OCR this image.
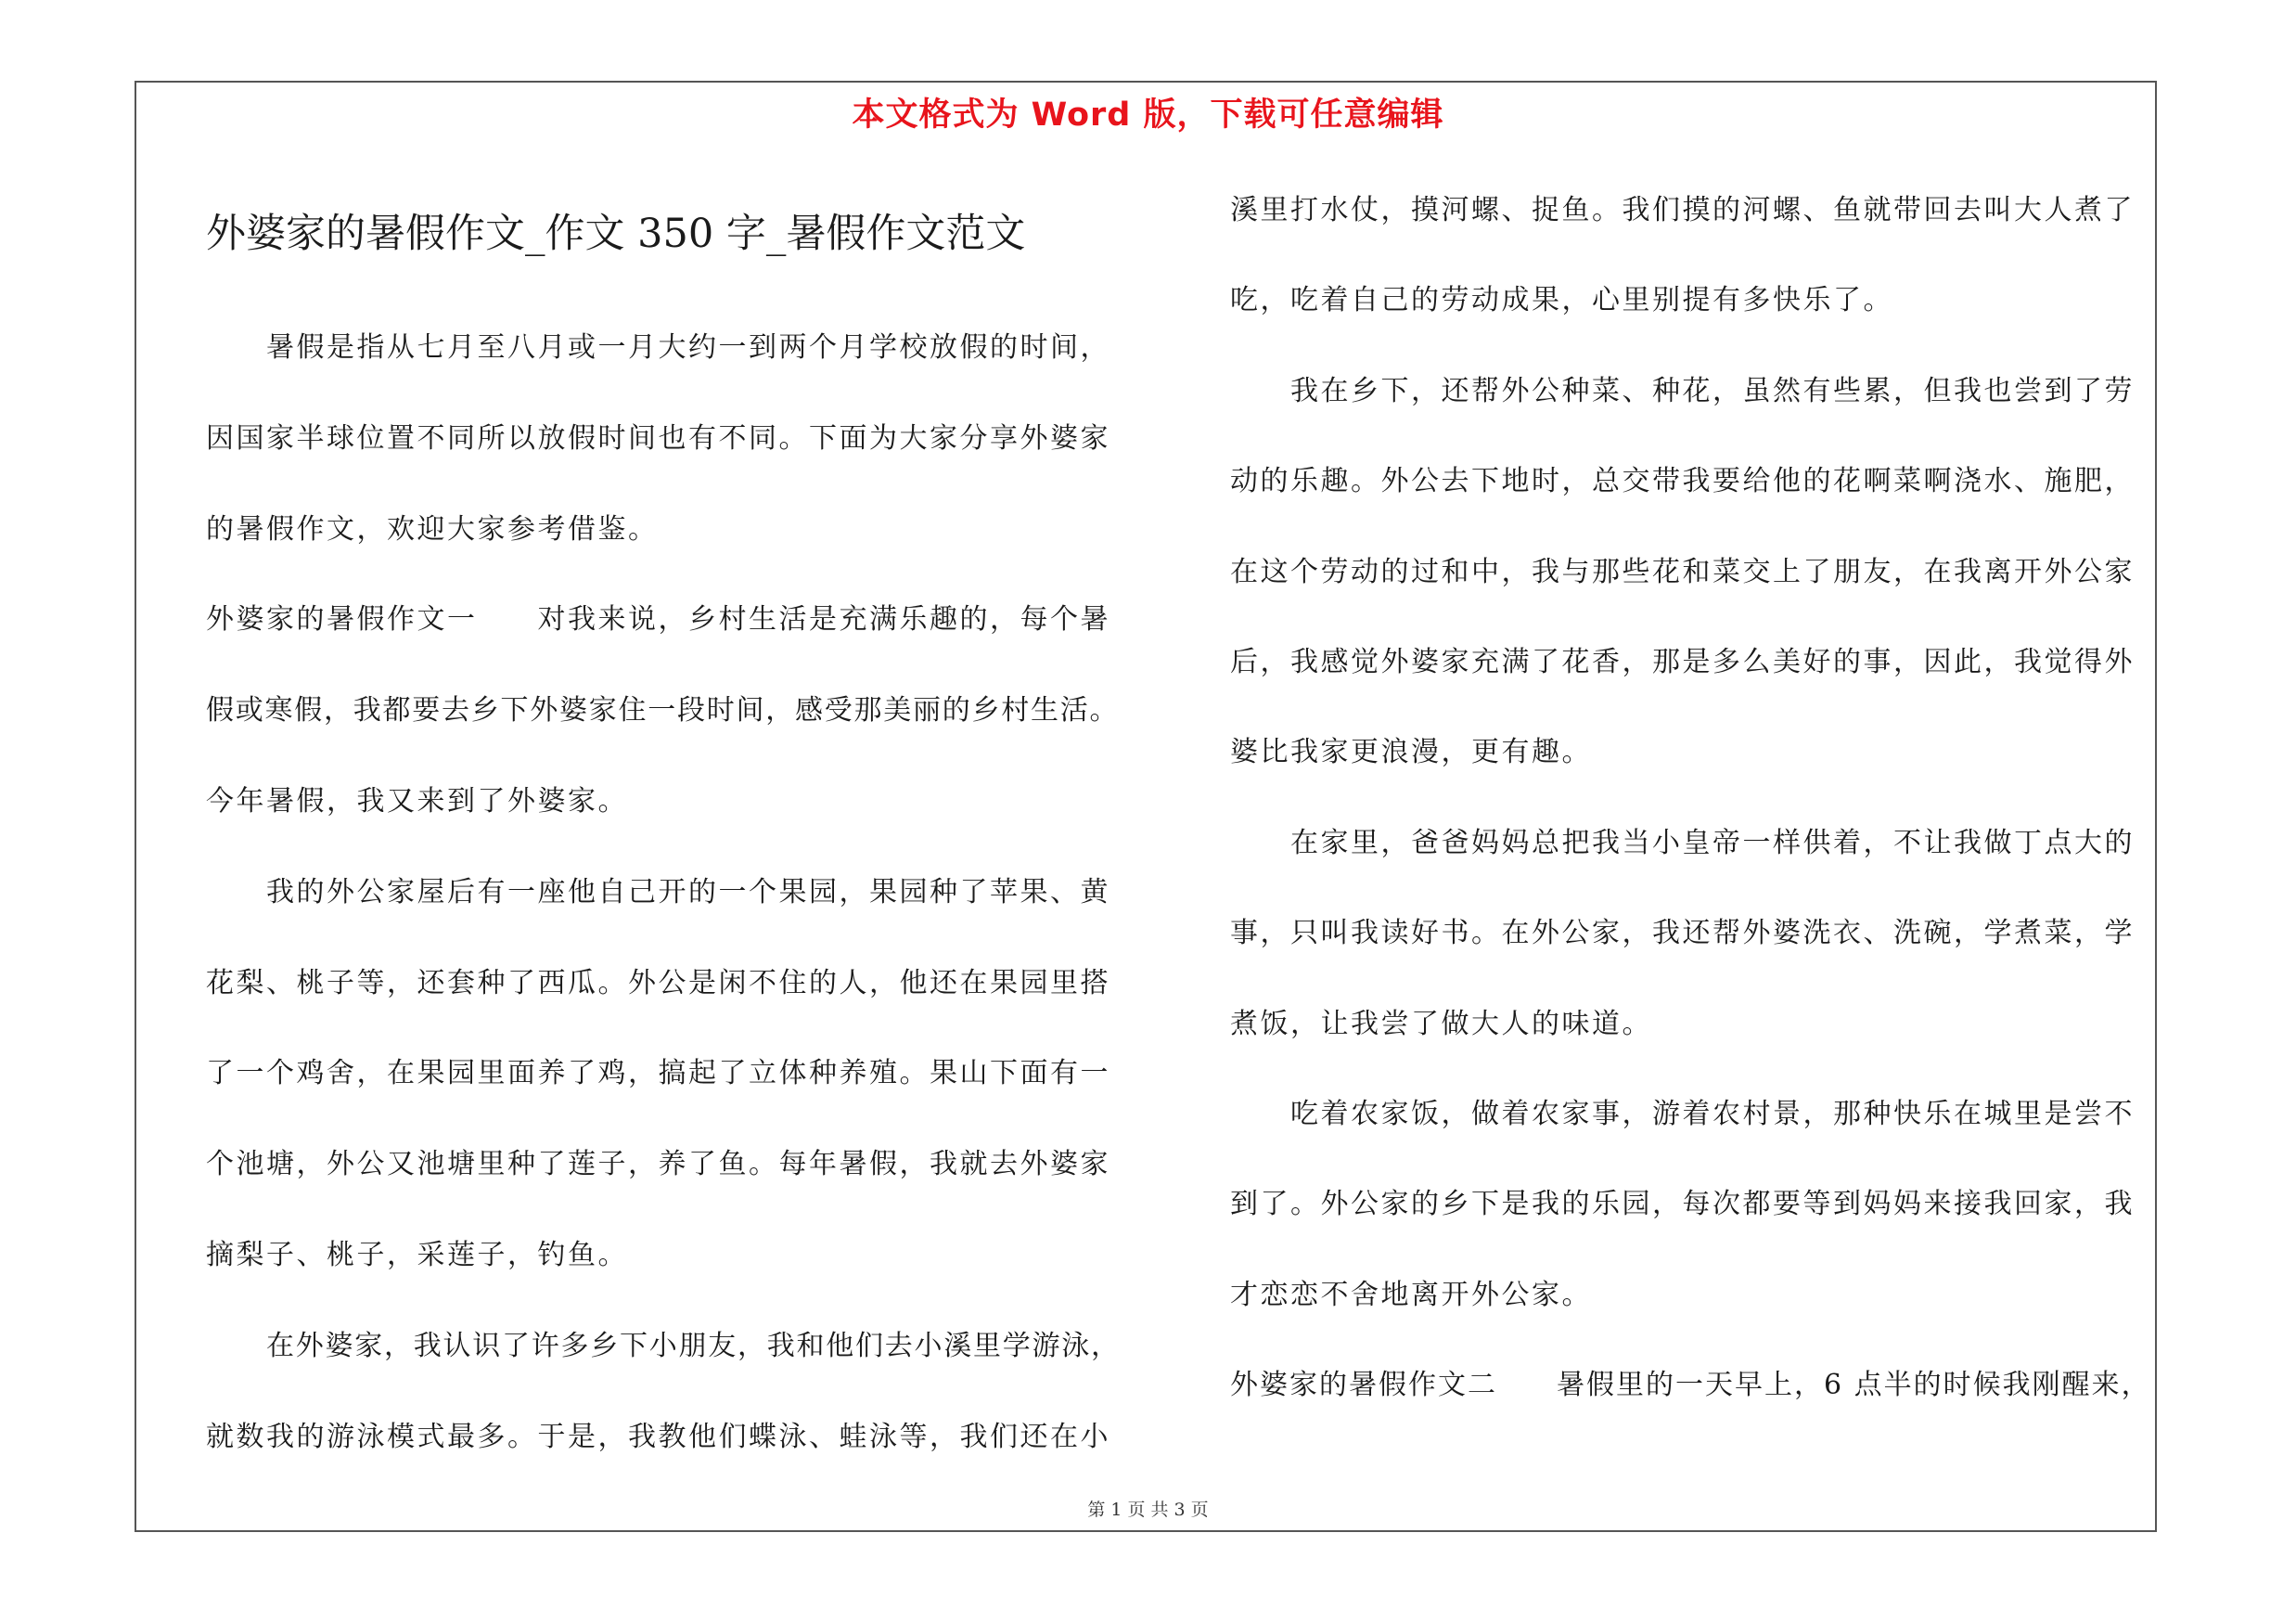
本文格式为 Word 版，下载可任意编辑
外婆家的暑假作文_作文 350 字_暑假作文范文
暑假是指从七月至八月或一月大约一到两个月学校放假的时间，
因国家半球位置不同所以放假时间也有不同。下面为大家分享外婆家
的暑假作文，欢迎大家参考借鉴。
外婆家的暑假作文一　　对我来说，乡村生活是充满乐趣的，每个暑
假或寒假，我都要去乡下外婆家住一段时间，感受那美丽的乡村生活。
今年暑假，我又来到了外婆家。
我的外公家屋后有一座他自己开的一个果园，果园种了苹果、黄
花梨、桃子等，还套种了西瓜。外公是闲不住的人，他还在果园里搭
了一个鸡舍，在果园里面养了鸡，搞起了立体种养殖。果山下面有一
个池塘，外公又池塘里种了莲子，养了鱼。每年暑假，我就去外婆家
摘梨子、桃子，采莲子，钓鱼。
在外婆家，我认识了许多乡下小朋友，我和他们去小溪里学游泳，
就数我的游泳模式最多。于是，我教他们蝶泳、蛙泳等，我们还在小
溪里打水仗，摸河螺、捉鱼。我们摸的河螺、鱼就带回去叫大人煮了
吃，吃着自己的劳动成果，心里别提有多快乐了。
我在乡下，还帮外公种菜、种花，虽然有些累，但我也尝到了劳
动的乐趣。外公去下地时，总交带我要给他的花啊菜啊浇水、施肥，
在这个劳动的过和中，我与那些花和菜交上了朋友，在我离开外公家
后，我感觉外婆家充满了花香，那是多么美好的事，因此，我觉得外
婆比我家更浪漫，更有趣。
在家里，爸爸妈妈总把我当小皇帝一样供着，不让我做丁点大的
事，只叫我读好书。在外公家，我还帮外婆洗衣、洗碗，学煮菜，学
煮饭，让我尝了做大人的味道。
吃着农家饭，做着农家事，游着农村景，那种快乐在城里是尝不
到了。外公家的乡下是我的乐园，每次都要等到妈妈来接我回家，我
才恋恋不舍地离开外公家。
外婆家的暑假作文二　　暑假里的一天早上，6 点半的时候我刚醒来，
第 1 页 共 3 页
